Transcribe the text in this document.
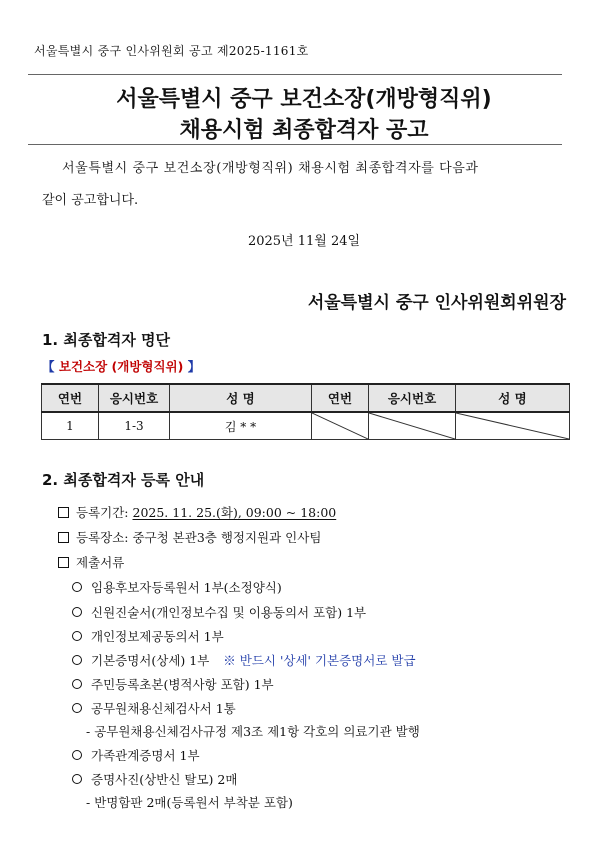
서울특별시 중구 인사위원회 공고 제2025-1161호
서울특별시 중구 보건소장(개방형직위)
채용시험 최종합격자 공고
서울특별시 중구 보건소장(개방형직위) 채용시험 최종합격자를 다음과
같이 공고합니다.
2025년 11월 24일
서울특별시 중구 인사위원회위원장
1. 최종합격자 명단
【 보건소장 (개방형직위) 】
연번	응시번호	성 명	연번	응시번호	성 명
1	1-3	김 * *	

2. 최종합격자 등록 안내
등록기간: 2025. 11. 25.(화), 09:00 ~ 18:00
등록장소: 중구청 본관3층 행정지원과 인사팀
제출서류
임용후보자등록원서 1부(소정양식)
신원진술서(개인정보수집 및 이용동의서 포함) 1부
개인정보제공동의서 1부
기본증명서(상세) 1부 ※ 반드시 '상세' 기본증명서로 발급
주민등록초본(병적사항 포함) 1부
공무원채용신체검사서 1통
- 공무원채용신체검사규정 제3조 제1항 각호의 의료기관 발행
가족관계증명서 1부
증명사진(상반신 탈모) 2매
- 반명함판 2매(등록원서 부착분 포함)
